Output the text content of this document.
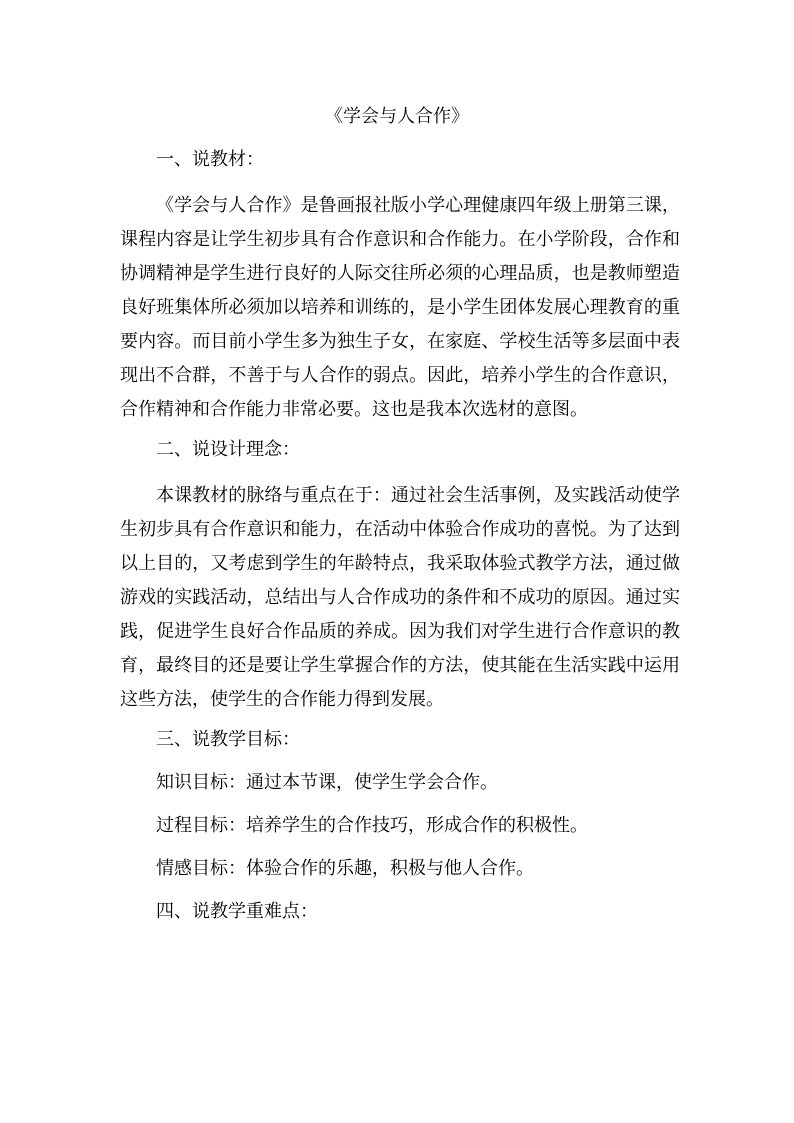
《学会与人合作》
一、说教材：
《学会与人合作》是鲁画报社版小学心理健康四年级上册第三课，课程内容是让学生初步具有合作意识和合作能力。在小学阶段，合作和协调精神是学生进行良好的人际交往所必须的心理品质，也是教师塑造良好班集体所必须加以培养和训练的，是小学生团体发展心理教育的重要内容。而目前小学生多为独生子女，在家庭、学校生活等多层面中表现出不合群，不善于与人合作的弱点。因此，培养小学生的合作意识，合作精神和合作能力非常必要。这也是我本次选材的意图。
二、说设计理念：
本课教材的脉络与重点在于：通过社会生活事例，及实践活动使学生初步具有合作意识和能力，在活动中体验合作成功的喜悦。为了达到以上目的，又考虑到学生的年龄特点，我采取体验式教学方法，通过做游戏的实践活动，总结出与人合作成功的条件和不成功的原因。通过实践，促进学生良好合作品质的养成。因为我们对学生进行合作意识的教育，最终目的还是要让学生掌握合作的方法，使其能在生活实践中运用这些方法，使学生的合作能力得到发展。
三、说教学目标：
知识目标：通过本节课，使学生学会合作。
过程目标：培养学生的合作技巧，形成合作的积极性。
情感目标：体验合作的乐趣，积极与他人合作。
四、说教学重难点：
